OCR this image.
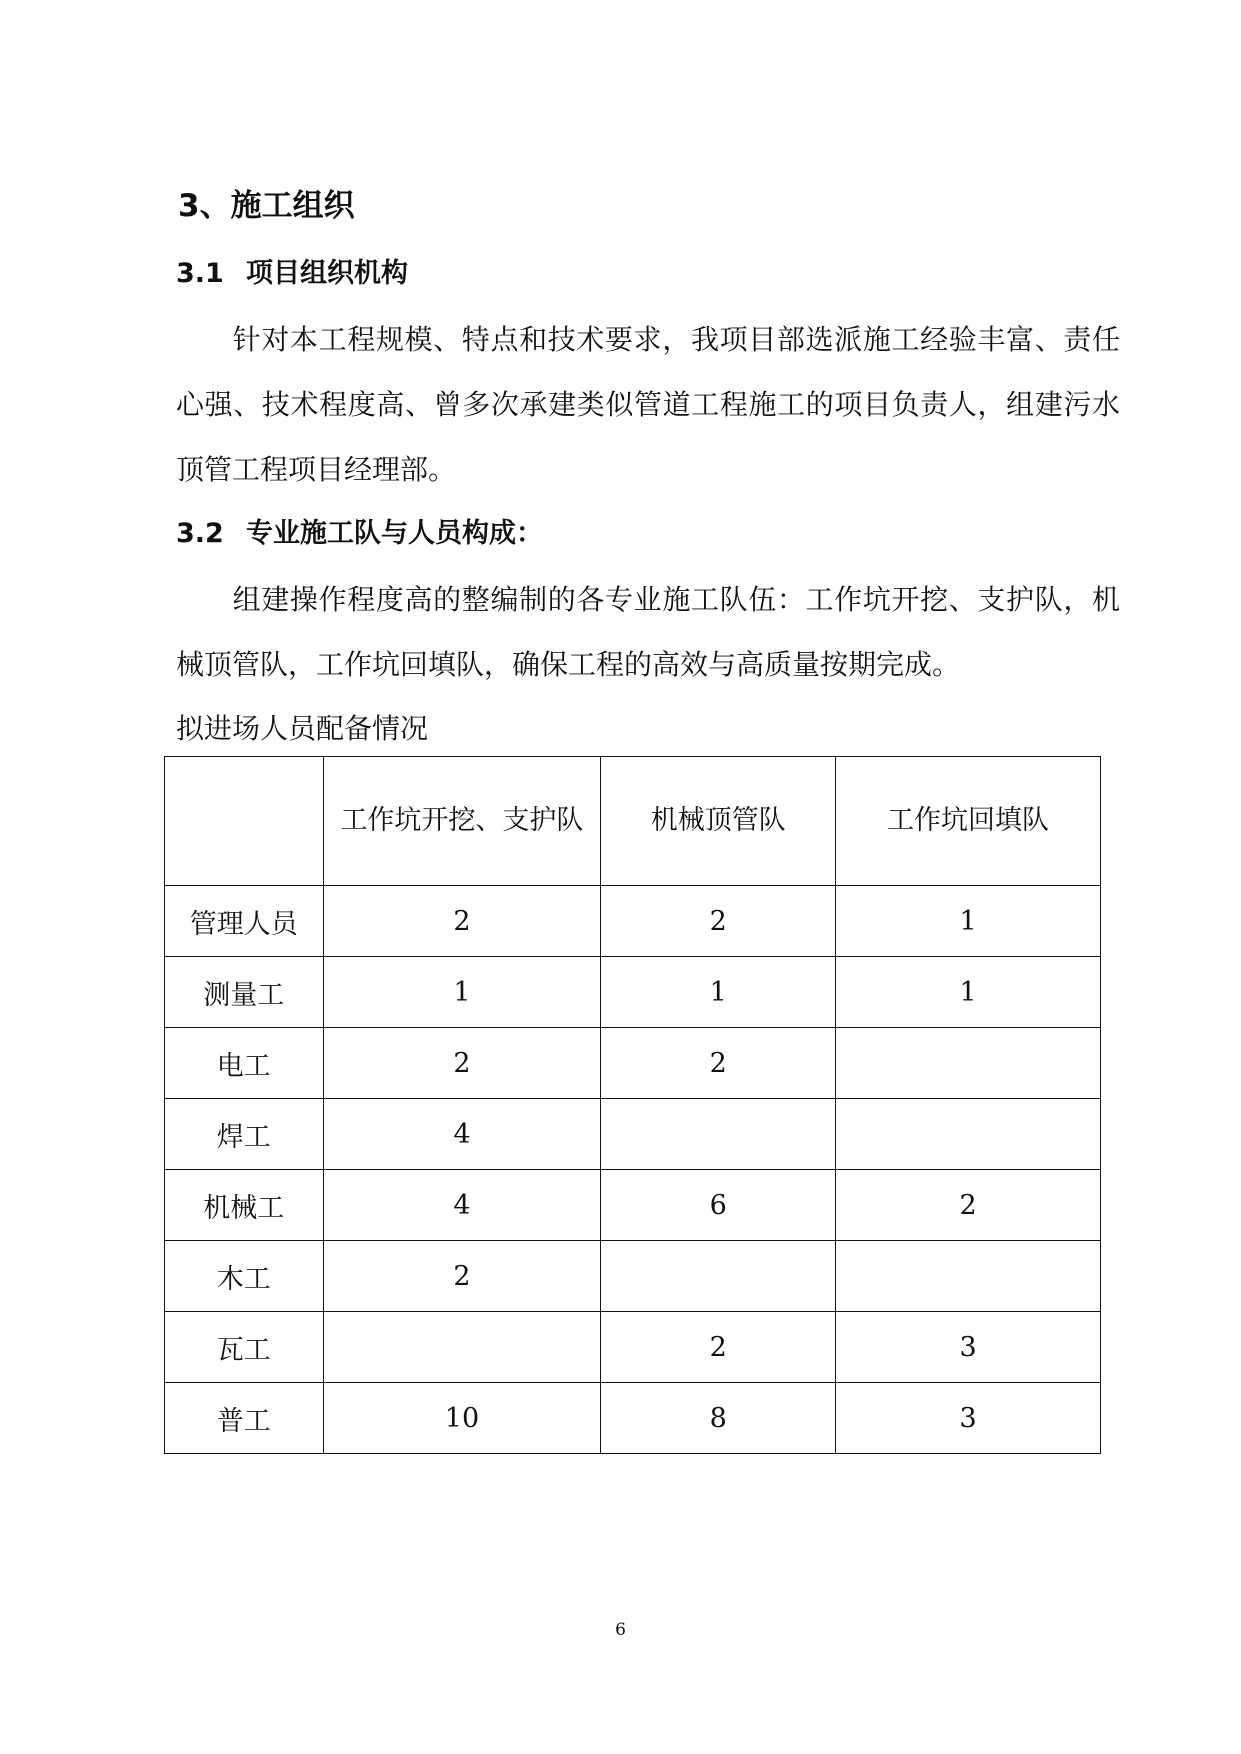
3、施工组织
3.1 项目组织机构
针对本工程规模、特点和技术要求，我项目部选派施工经验丰富、责任心强、技术程度高、曾多次承建类似管道工程施工的项目负责人，组建污水顶管工程项目经理部。
3.2 专业施工队与人员构成：
组建操作程度高的整编制的各专业施工队伍：工作坑开挖、支护队，机械顶管队，工作坑回填队，确保工程的高效与高质量按期完成。
拟进场人员配备情况
	工作坑开挖、支护队	机械顶管队	工作坑回填队
管理人员	2	2	1
测量工	1	1	1
电工	2	2	
焊工	4		
机械工	4	6	2
木工	2		
瓦工		2	3
普工	10	8	3
6
